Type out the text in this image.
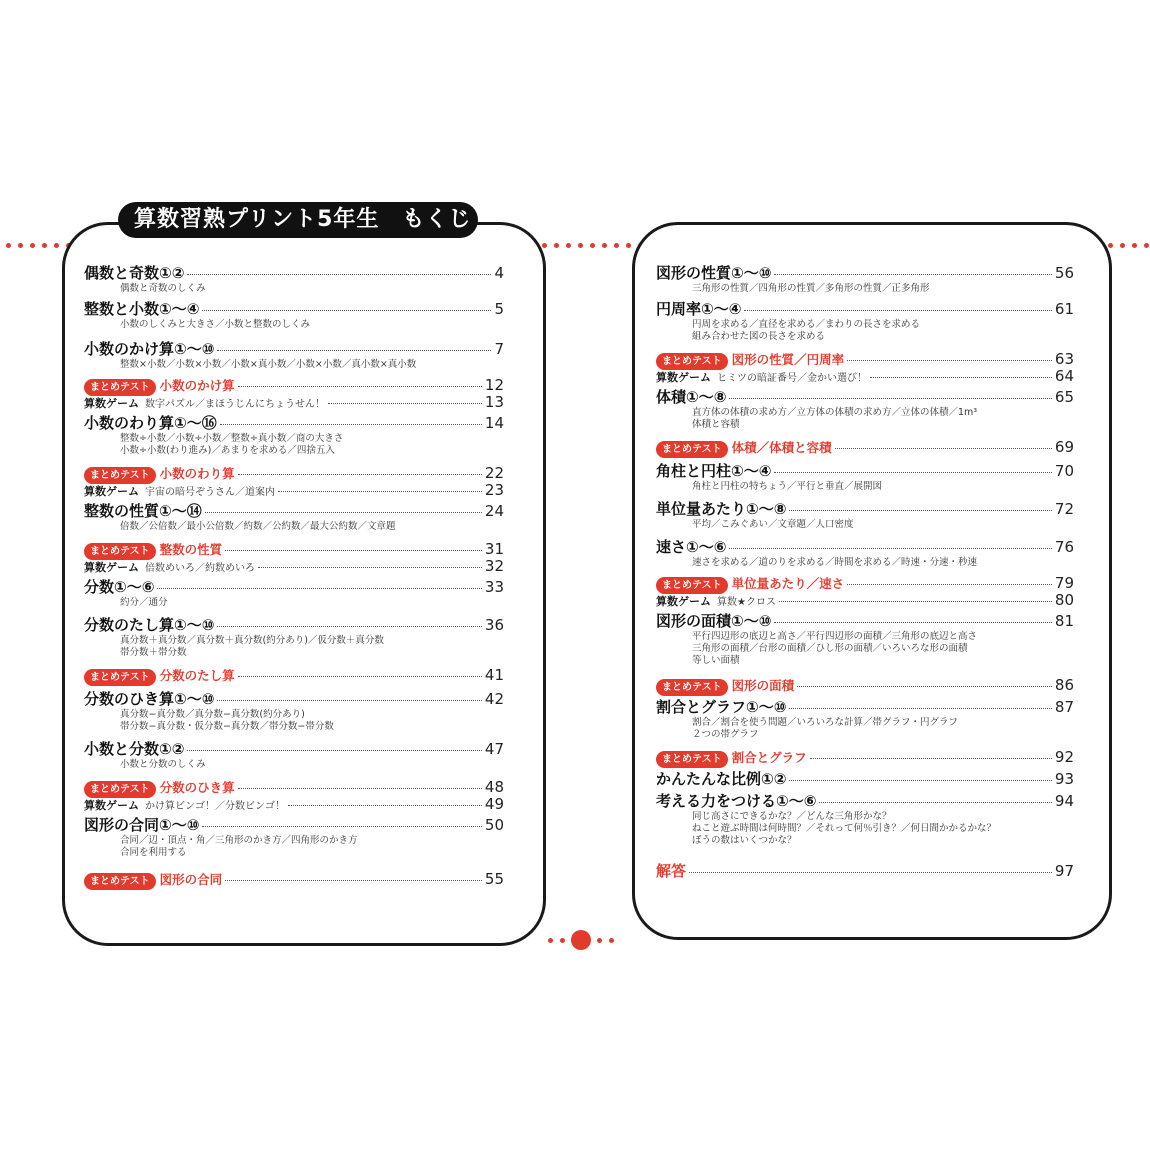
算数習熟プリント5年生　もくじ
偶数と奇数①②	4
偶数と奇数のしくみ
整数と小数①～④	5
小数のしくみと大きさ／小数と整数のしくみ
小数のかけ算①～⑩	7
整数×小数／小数×小数／小数×真小数／小数×小数／真小数×真小数
まとめテスト 小数のかけ算	12
算数ゲーム 数字パズル／まほうじんにちょうせん！	13
小数のわり算①～⑯	14
整数÷小数／小数÷小数／整数÷真小数／商の大きさ
小数÷小数(わり進み)／あまりを求める／四捨五入
まとめテスト 小数のわり算	22
算数ゲーム 宇宙の暗号ぞうさん／道案内	23
整数の性質①～⑭	24
倍数／公倍数／最小公倍数／約数／公約数／最大公約数／文章題
まとめテスト 整数の性質	31
算数ゲーム 倍数めいろ／約数めいろ	32
分数①～⑥	33
約分／通分
分数のたし算①～⑩	36
真分数＋真分数／真分数＋真分数(約分あり)／仮分数＋真分数
帯分数＋帯分数
まとめテスト 分数のたし算	41
分数のひき算①～⑩	42
真分数−真分数／真分数−真分数(約分あり)
帯分数−真分数・仮分数−真分数／帯分数−帯分数
小数と分数①②	47
小数と分数のしくみ
まとめテスト 分数のひき算	48
算数ゲーム かけ算ビンゴ！／分数ビンゴ！	49
図形の合同①～⑩	50
合同／辺・頂点・角／三角形のかき方／四角形のかき方
合同を利用する
まとめテスト 図形の合同	55
図形の性質①～⑩	56
三角形の性質／四角形の性質／多角形の性質／正多角形
円周率①～④	61
円周を求める／直径を求める／まわりの長さを求める
組み合わせた図の長さを求める
まとめテスト 図形の性質／円周率	63
算数ゲーム ヒミツの暗証番号／金かい選び！	64
体積①～⑧	65
直方体の体積の求め方／立方体の体積の求め方／立体の体積／1m³
体積と容積
まとめテスト 体積／体積と容積	69
角柱と円柱①～④	70
角柱と円柱の特ちょう／平行と垂直／展開図
単位量あたり①～⑧	72
平均／こみぐあい／文章題／人口密度
速さ①～⑥	76
速さを求める／道のりを求める／時間を求める／時速・分速・秒速
まとめテスト 単位量あたり／速さ	79
算数ゲーム 算数★クロス	80
図形の面積①～⑩	81
平行四辺形の底辺と高さ／平行四辺形の面積／三角形の底辺と高さ
三角形の面積／台形の面積／ひし形の面積／いろいろな形の面積
等しい面積
まとめテスト 図形の面積	86
割合とグラフ①～⑩	87
割合／割合を使う問題／いろいろな計算／帯グラフ・円グラフ
２つの帯グラフ
まとめテスト 割合とグラフ	92
かんたんな比例①②	93
考える力をつける①～⑥	94
同じ高さにできるかな？／どんな三角形かな？
ねこと遊ぶ時間は何時間？／それって何％引き？／何日間かかるかな？
ぼうの数はいくつかな？
解答	97
